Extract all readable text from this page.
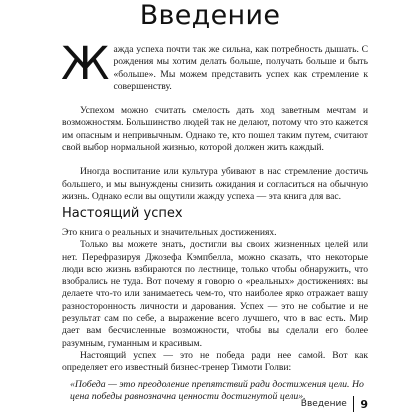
Введение

Жажда успеха почти так же сильна, как потребность дышать. С рождения мы хотим делать больше, получать больше и быть «больше». Мы можем представить успех как стремление к совершенству.

Успехом можно считать смелость дать ход заветным мечтам и возможностям. Большинство людей так не делают, потому что это кажется им опасным и непривычным. Однако те, кто пошел таким путем, считают свой выбор нормальной жизнью, которой должен жить каждый.

Иногда воспитание или культура убивают в нас стремление достичь большего, и мы вынуждены снизить ожидания и согласиться на обычную жизнь. Однако если вы ощутили жажду успеха — эта книга для вас.

Настоящий успех

Это книга о реальных и значительных достижениях.

Только вы можете знать, достигли вы своих жизненных целей или нет. Перефразируя Джозефа Кэмпбелла, можно сказать, что некоторые люди всю жизнь взбираются по лестнице, только чтобы обнаружить, что взобрались не туда. Вот почему я говорю о «реальных» достижениях: вы делаете что-то или занимаетесь чем-то, что наиболее ярко отражает вашу разносторонность личности и дарования. Успех — это не событие и не результат сам по себе, а выражение всего лучшего, что в вас есть. Мир дает вам бесчисленные возможности, чтобы вы сделали его более разумным, гуманным и красивым.

Настоящий успех — это не победа ради нее самой. Вот как определяет его известный бизнес-тренер Тимоти Голви:

«Победа — это преодоление препятствий ради достижения цели. Но цена победы равнозначна ценности достигнутой цели».

Введение	9
